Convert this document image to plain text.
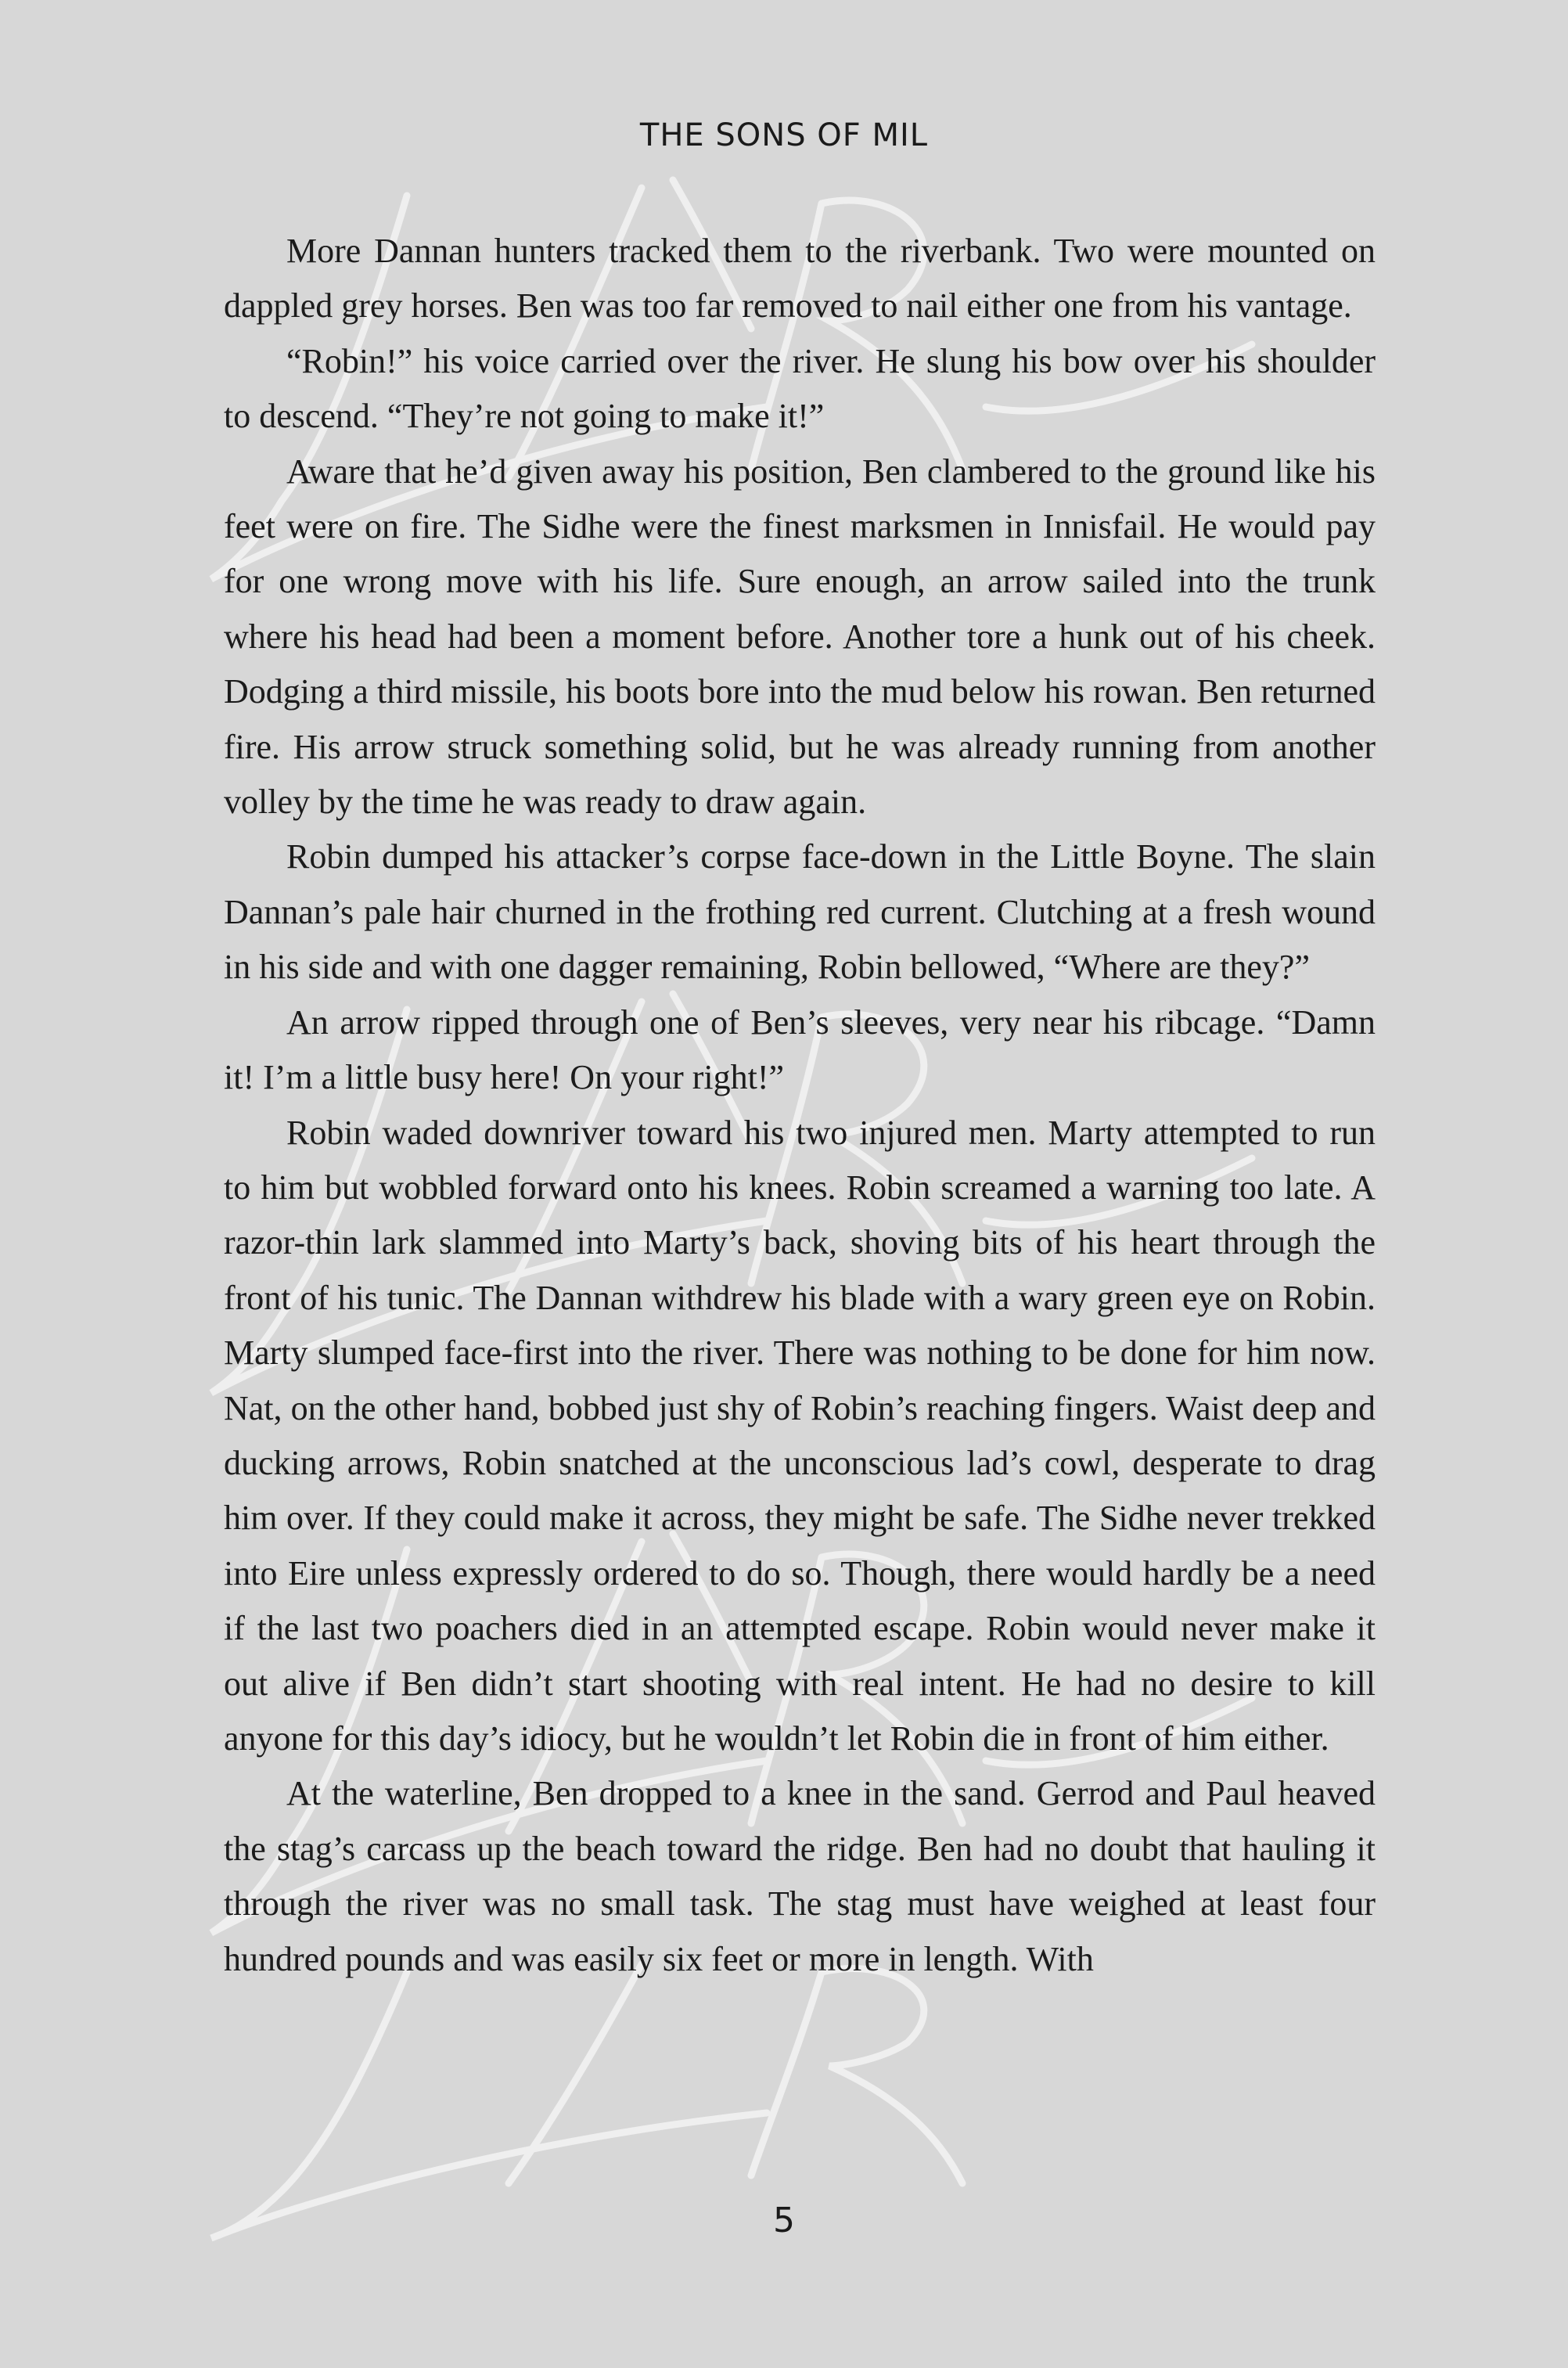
THE SONS OF MIL

More Dannan hunters tracked them to the riverbank. Two were mounted on dappled grey horses. Ben was too far removed to nail either one from his vantage.

“Robin!” his voice carried over the river. He slung his bow over his shoulder to descend. “They’re not going to make it!”

Aware that he’d given away his position, Ben clambered to the ground like his feet were on fire. The Sidhe were the finest marksmen in Innisfail. He would pay for one wrong move with his life. Sure enough, an arrow sailed into the trunk where his head had been a moment before. Another tore a hunk out of his cheek. Dodging a third missile, his boots bore into the mud below his rowan. Ben returned fire. His arrow struck something solid, but he was already running from another volley by the time he was ready to draw again.

Robin dumped his attacker’s corpse face-down in the Little Boyne. The slain Dannan’s pale hair churned in the frothing red current. Clutching at a fresh wound in his side and with one dagger remaining, Robin bellowed, “Where are they?”

An arrow ripped through one of Ben’s sleeves, very near his ribcage. “Damn it! I’m a little busy here! On your right!”

Robin waded downriver toward his two injured men. Marty attempted to run to him but wobbled forward onto his knees. Robin screamed a warning too late. A razor-thin lark slammed into Marty’s back, shoving bits of his heart through the front of his tunic. The Dannan withdrew his blade with a wary green eye on Robin. Marty slumped face-first into the river. There was nothing to be done for him now. Nat, on the other hand, bobbed just shy of Robin’s reaching fingers. Waist deep and ducking arrows, Robin snatched at the unconscious lad’s cowl, desperate to drag him over. If they could make it across, they might be safe. The Sidhe never trekked into Eire unless expressly ordered to do so. Though, there would hardly be a need if the last two poachers died in an attempted escape. Robin would never make it out alive if Ben didn’t start shooting with real intent. He had no desire to kill anyone for this day’s idiocy, but he wouldn’t let Robin die in front of him either.

At the waterline, Ben dropped to a knee in the sand. Gerrod and Paul heaved the stag’s carcass up the beach toward the ridge. Ben had no doubt that hauling it through the river was no small task. The stag must have weighed at least four hundred pounds and was easily six feet or more in length. With

5
